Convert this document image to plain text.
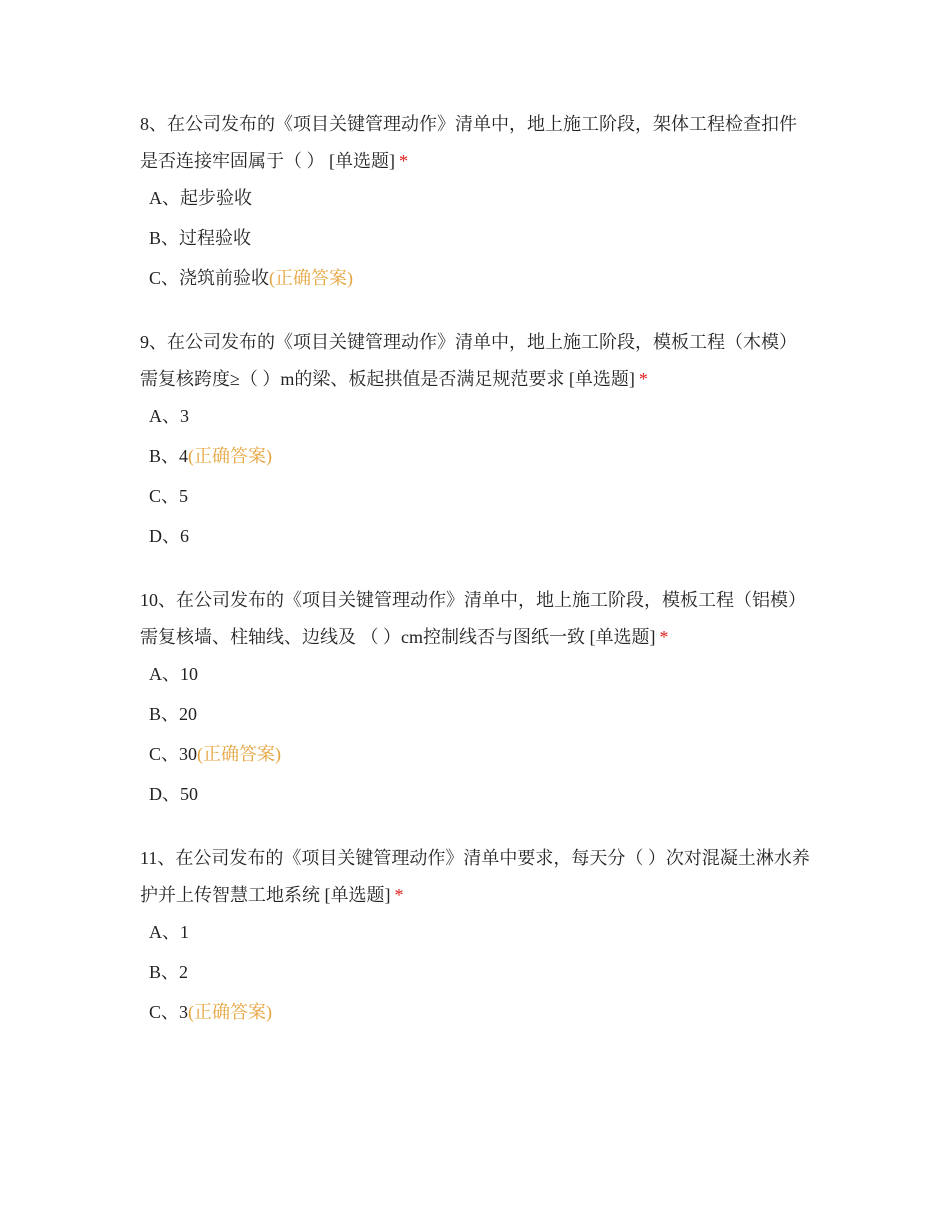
8、在公司发布的《项目关键管理动作》清单中，地上施工阶段，架体工程检查扣件是否连接牢固属于（ ） [单选题] *
A、起步验收
B、过程验收
C、浇筑前验收(正确答案)
9、在公司发布的《项目关键管理动作》清单中，地上施工阶段，模板工程（木模）需复核跨度≥（ ）m的梁、板起拱值是否满足规范要求 [单选题] *
A、3
B、4(正确答案)
C、5
D、6
10、在公司发布的《项目关键管理动作》清单中，地上施工阶段，模板工程（铝模）需复核墙、柱轴线、边线及 （ ）cm控制线否与图纸一致 [单选题] *
A、10
B、20
C、30(正确答案)
D、50
11、在公司发布的《项目关键管理动作》清单中要求，每天分（ ）次对混凝土淋水养护并上传智慧工地系统 [单选题] *
A、1
B、2
C、3(正确答案)
